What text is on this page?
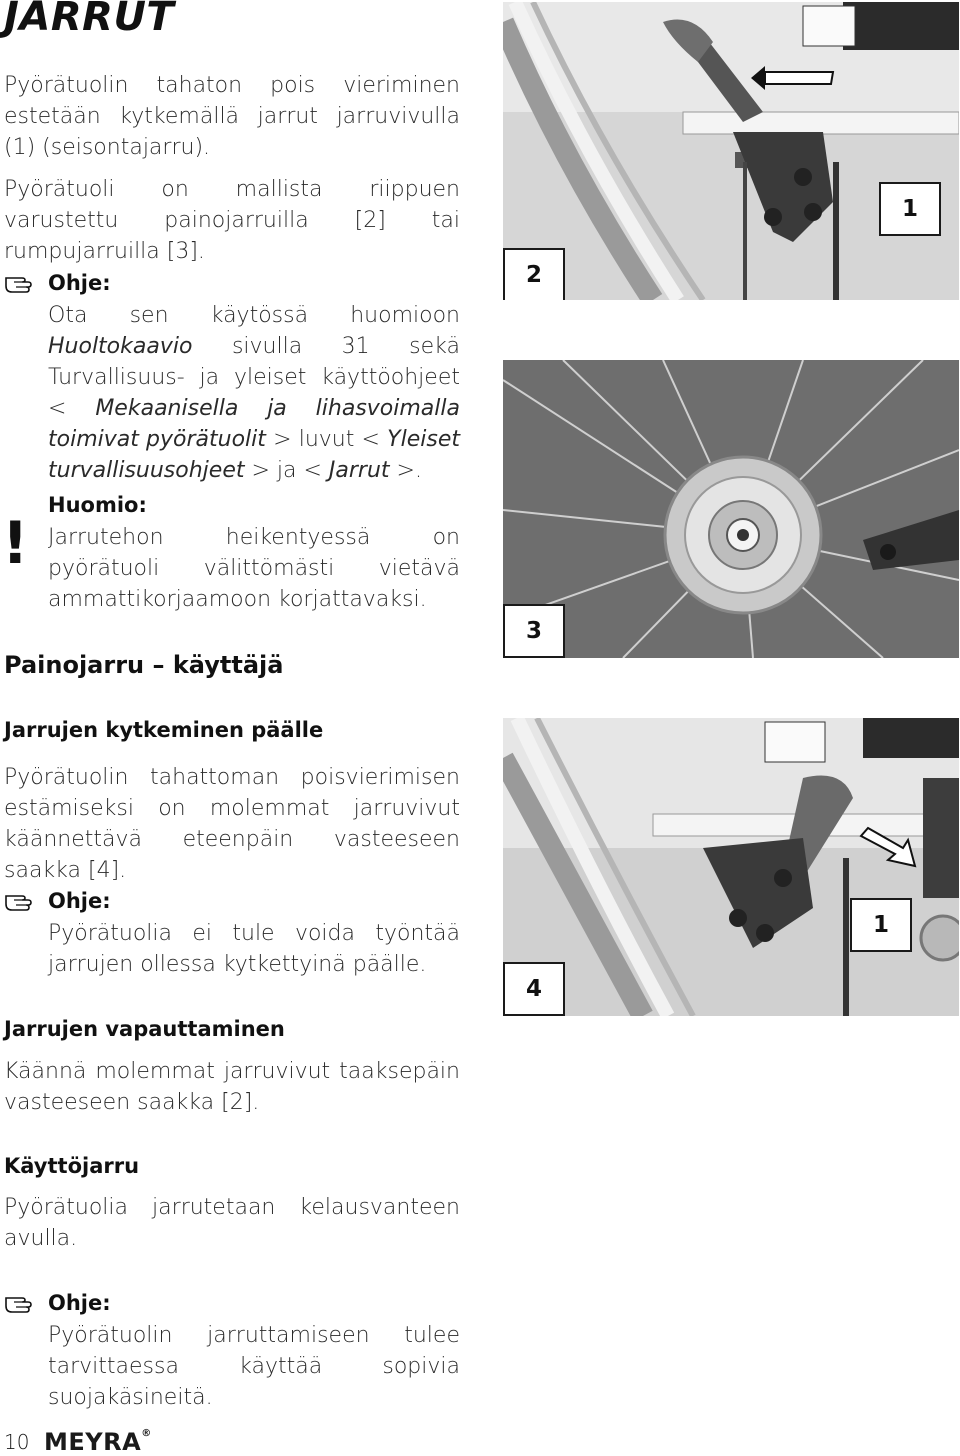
JARRUT

Pyörätuolin tahaton pois vieriminen estetään kytkemällä jarrut jarruvivulla (1) (seisontajarru).

Pyörätuoli on mallista riippuen varustettu painojarruilla [2] tai rumpujarruilla [3].

Ohje:

Ota sen käytössä huomioon Huoltokaavio sivulla 31 sekä Turvallisuus- ja yleiset käyttöohjeet < Mekaanisella ja lihasvoimalla toimivat pyörätuolit > luvut < Yleiset turvallisuusohjeet > ja < Jarrut >.

!
Huomio:

Jarrutehon heikentyessä on pyörätuoli välittömästi vietävä ammattikorjaamoon korjattavaksi.

Painojarru – käyttäjä
Jarrujen kytkeminen päälle

Pyörätuolin tahattoman poisvierimisen estämiseksi on molemmat jarruvivut käännettävä eteenpäin vasteeseen saakka [4].

Ohje:

Pyörätuolia ei tule voida työntää jarrujen ollessa kytkettyinä päälle.

Jarrujen vapauttaminen

Käännä molemmat jarruvivut taaksepäin vasteeseen saakka [2].

Käyttöjarru

Pyörätuolia jarrutetaan kelausvanteen avulla.

Ohje:

Pyörätuolin jarruttamiseen tulee tarvittaessa käyttää sopivia suojakäsineitä.

2
1
3
4
1
10 MEYRA®
